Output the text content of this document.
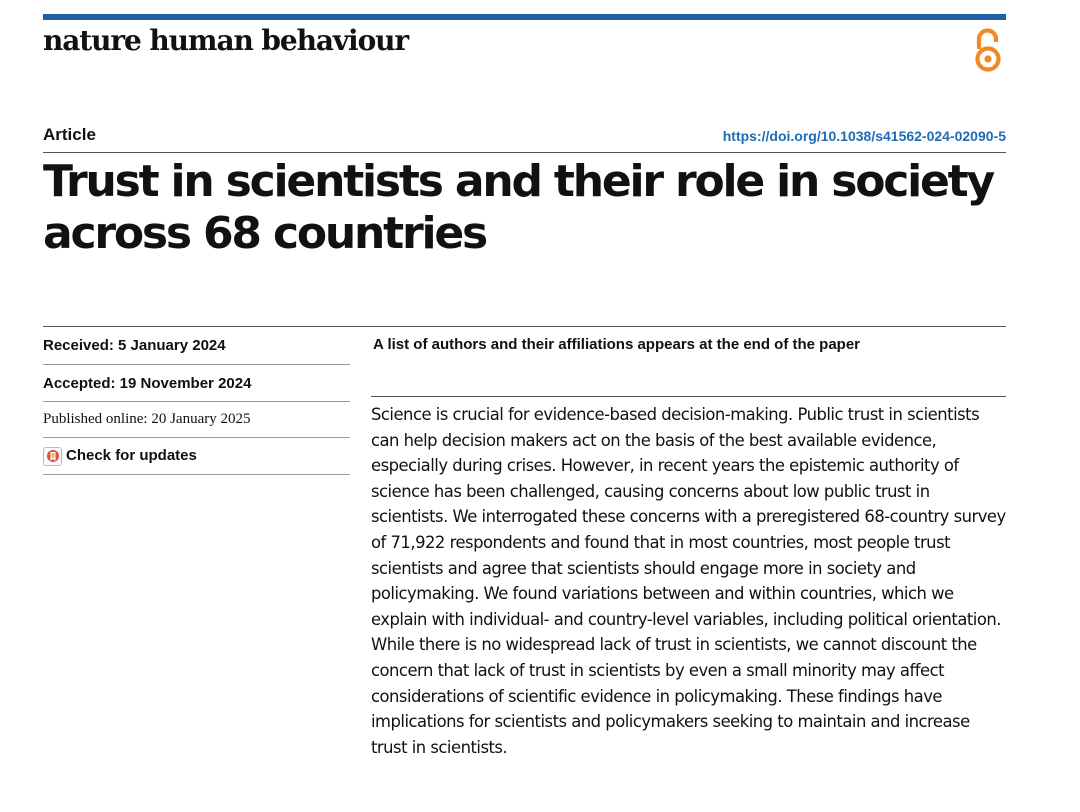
nature human behaviour
Article	https://doi.org/10.1038/s41562-024-02090-5
Trust in scientists and their role in society across 68 countries
Received: 5 January 2024
Accepted: 19 November 2024
Published online: 20 January 2025
Check for updates
A list of authors and their affiliations appears at the end of the paper

Science is crucial for evidence-based decision-making. Public trust in scientists can help decision makers act on the basis of the best available evidence, especially during crises. However, in recent years the epistemic authority of science has been challenged, causing concerns about low public trust in scientists. We interrogated these concerns with a preregistered 68-country survey of 71,922 respondents and found that in most countries, most people trust scientists and agree that scientists should engage more in society and policymaking. We found variations between and within countries, which we explain with individual- and country-level variables, including political orientation. While there is no widespread lack of trust in scientists, we cannot discount the concern that lack of trust in scientists by even a small minority may affect considerations of scientific evidence in policymaking. These findings have implications for scientists and policymakers seeking to maintain and increase trust in scientists.
